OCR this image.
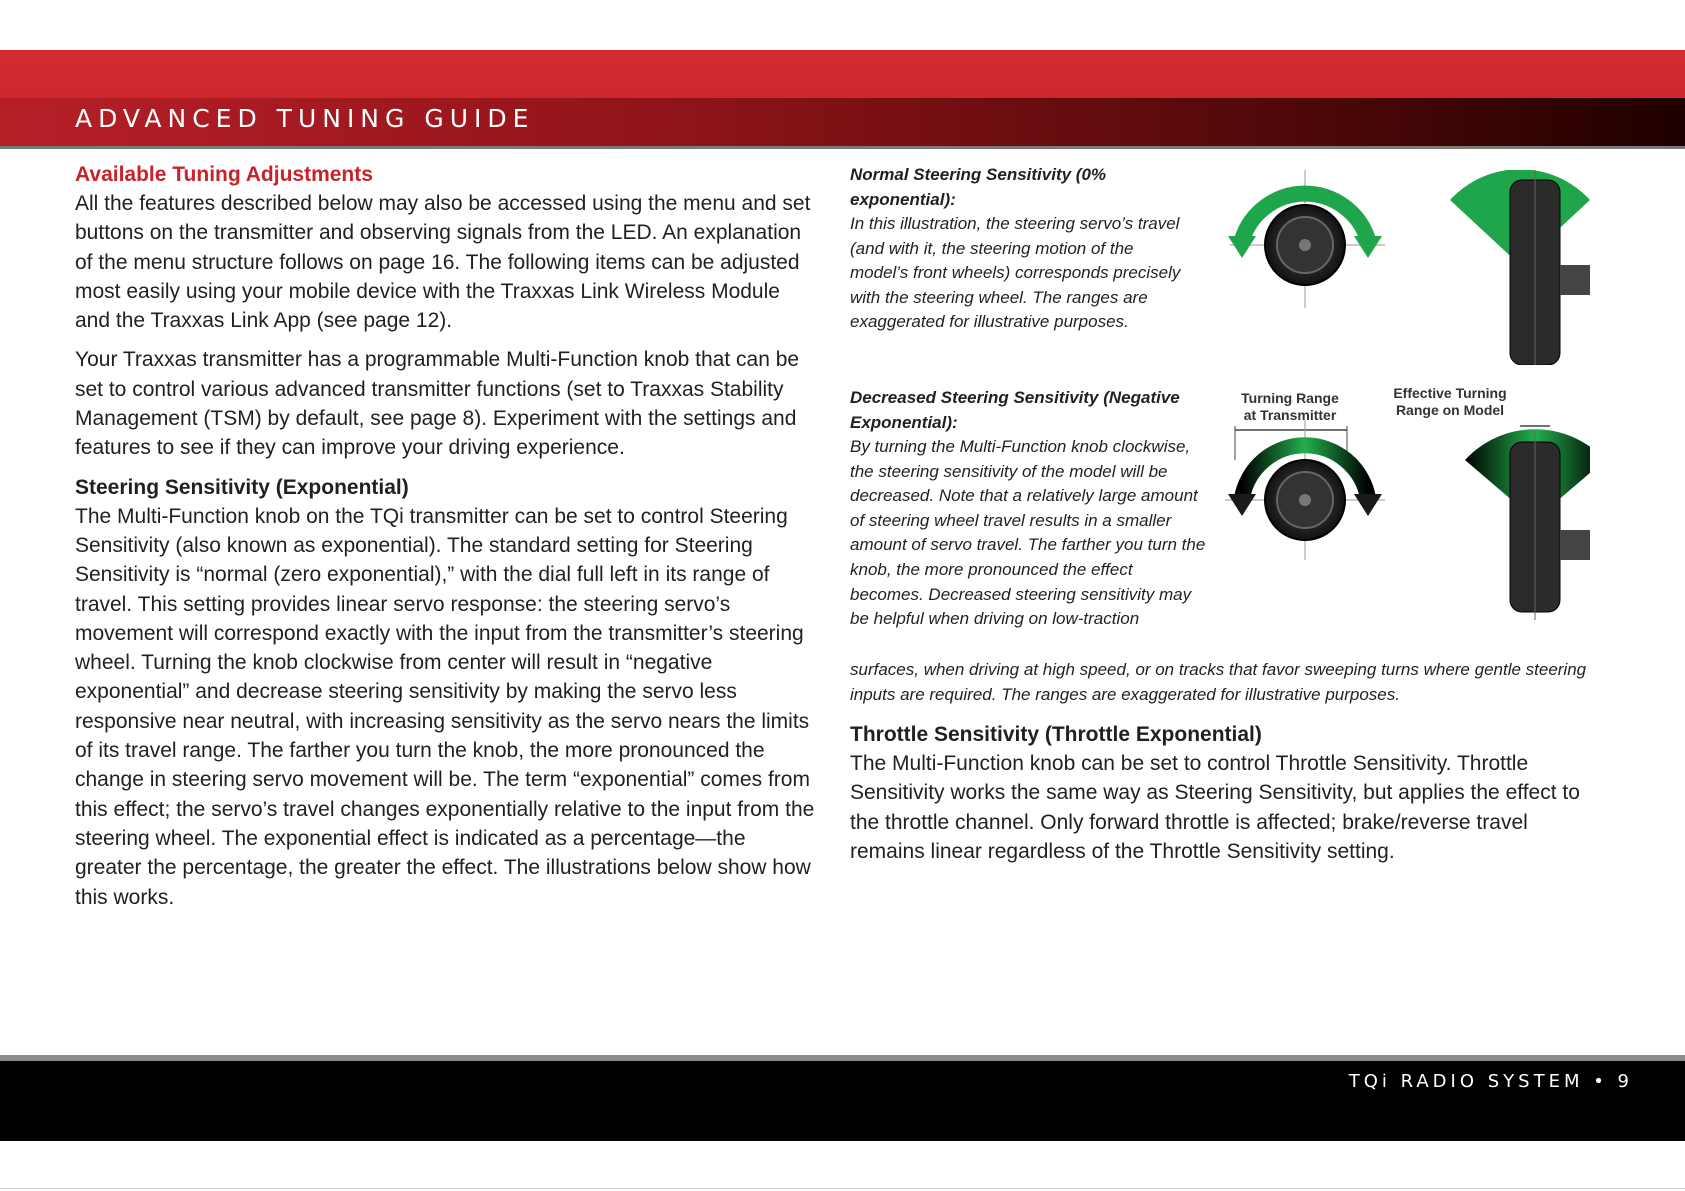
ADVANCED TUNING GUIDE
Available Tuning Adjustments

All the features described below may also be accessed using the menu and set buttons on the transmitter and observing signals from the LED. An explanation of the menu structure follows on page 16. The following items can be adjusted most easily using your mobile device with the Traxxas Link Wireless Module and the Traxxas Link App (see page 12).

Your Traxxas transmitter has a programmable Multi-Function knob that can be set to control various advanced transmitter functions (set to Traxxas Stability Management (TSM) by default, see page 8). Experiment with the settings and features to see if they can improve your driving experience.

Steering Sensitivity (Exponential)

The Multi-Function knob on the TQi transmitter can be set to control Steering Sensitivity (also known as exponential). The standard setting for Steering Sensitivity is “normal (zero exponential),” with the dial full left in its range of travel. This setting provides linear servo response: the steering servo’s movement will correspond exactly with the input from the transmitter’s steering wheel. Turning the knob clockwise from center will result in “negative exponential” and decrease steering sensitivity by making the servo less responsive near neutral, with increasing sensitivity as the servo nears the limits of its travel range. The farther you turn the knob, the more pronounced the change in steering servo movement will be. The term “exponential” comes from this effect; the servo’s travel changes exponentially relative to the input from the steering wheel. The exponential effect is indicated as a percentage—the greater the percentage, the greater the effect. The illustrations below show how this works.

Normal Steering Sensitivity (0% exponential):

In this illustration, the steering servo’s travel (and with it, the steering motion of the model’s front wheels) corresponds precisely with the steering wheel. The ranges are exaggerated for illustrative purposes.

Decreased Steering Sensitivity (Negative Exponential):

By turning the Multi-Function knob clockwise, the steering sensitivity of the model will be decreased. Note that a relatively large amount of steering wheel travel results in a smaller amount of servo travel. The farther you turn the knob, the more pronounced the effect becomes. Decreased steering sensitivity may be helpful when driving on low-traction

surfaces, when driving at high speed, or on tracks that favor sweeping turns where gentle steering inputs are required. The ranges are exaggerated for illustrative purposes.

Turning Range at Transmitter
Effective Turning Range on Model
Throttle Sensitivity (Throttle Exponential)

The Multi-Function knob can be set to control Throttle Sensitivity. Throttle Sensitivity works the same way as Steering Sensitivity, but applies the effect to the throttle channel. Only forward throttle is affected; brake/reverse travel remains linear regardless of the Throttle Sensitivity setting.

TQi RADIO SYSTEM • 9
